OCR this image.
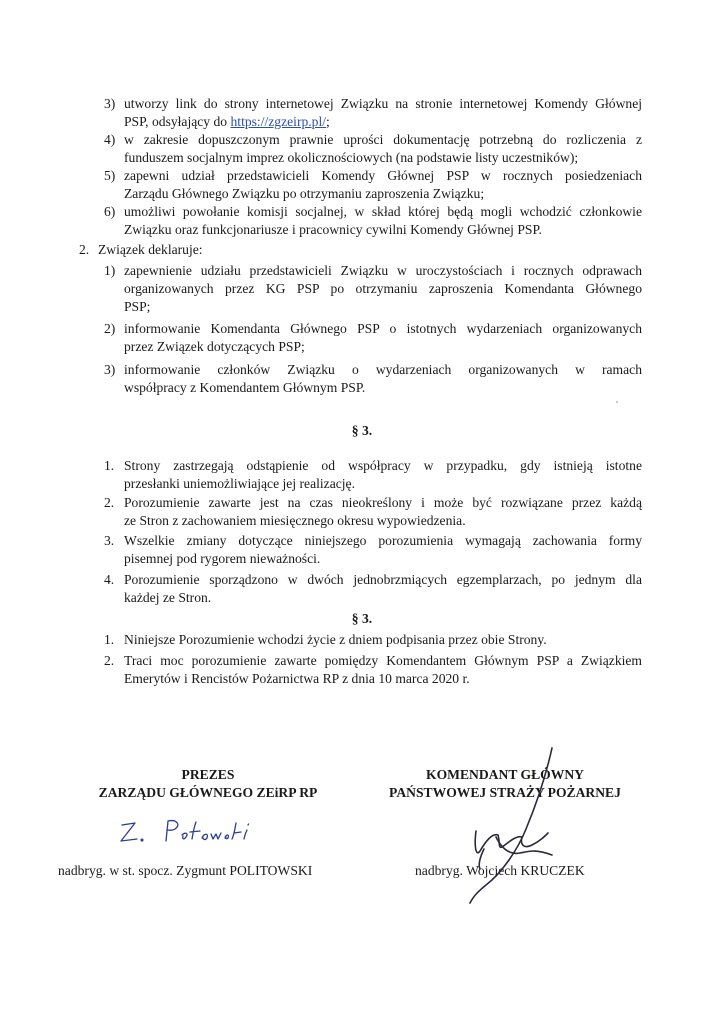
3) utworzy link do strony internetowej Związku na stronie internetowej Komendy Głównej
PSP, odsyłający do https://zgzeirp.pl/;
4) w zakresie dopuszczonym prawnie uprości dokumentację potrzebną do rozliczenia z
funduszem socjalnym imprez okolicznościowych (na podstawie listy uczestników);
5) zapewni udział przedstawicieli Komendy Głównej PSP w rocznych posiedzeniach
Zarządu Głównego Związku po otrzymaniu zaproszenia Związku;
6) umożliwi powołanie komisji socjalnej, w skład której będą mogli wchodzić członkowie
Związku oraz funkcjonariusze i pracownicy cywilni Komendy Głównej PSP.
2. Związek deklaruje:
1) zapewnienie udziału przedstawicieli Związku w uroczystościach i rocznych odprawach
organizowanych przez KG PSP po otrzymaniu zaproszenia Komendanta Głównego
PSP;
2) informowanie Komendanta Głównego PSP o istotnych wydarzeniach organizowanych
przez Związek dotyczących PSP;
3) informowanie członków Związku o wydarzeniach organizowanych w ramach
współpracy z Komendantem Głównym PSP.
§ 3.
1. Strony zastrzegają odstąpienie od współpracy w przypadku, gdy istnieją istotne
przesłanki uniemożliwiające jej realizację.
2. Porozumienie zawarte jest na czas nieokreślony i może być rozwiązane przez każdą
ze Stron z zachowaniem miesięcznego okresu wypowiedzenia.
3. Wszelkie zmiany dotyczące niniejszego porozumienia wymagają zachowania formy
pisemnej pod rygorem nieważności.
4. Porozumienie sporządzono w dwóch jednobrzmiących egzemplarzach, po jednym dla
każdej ze Stron.
§ 3.
1. Niniejsze Porozumienie wchodzi życie z dniem podpisania przez obie Strony.
2. Traci moc porozumienie zawarte pomiędzy Komendantem Głównym PSP a Związkiem
Emerytów i Rencistów Pożarnictwa RP z dnia 10 marca 2020 r.
PREZES
ZARZĄDU GŁÓWNEGO ZEiRP RP
nadbryg. w st. spocz. Zygmunt POLITOWSKI
KOMENDANT GŁÓWNY
PAŃSTWOWEJ STRAŻY POŻARNEJ
nadbryg. Wojciech KRUCZEK
